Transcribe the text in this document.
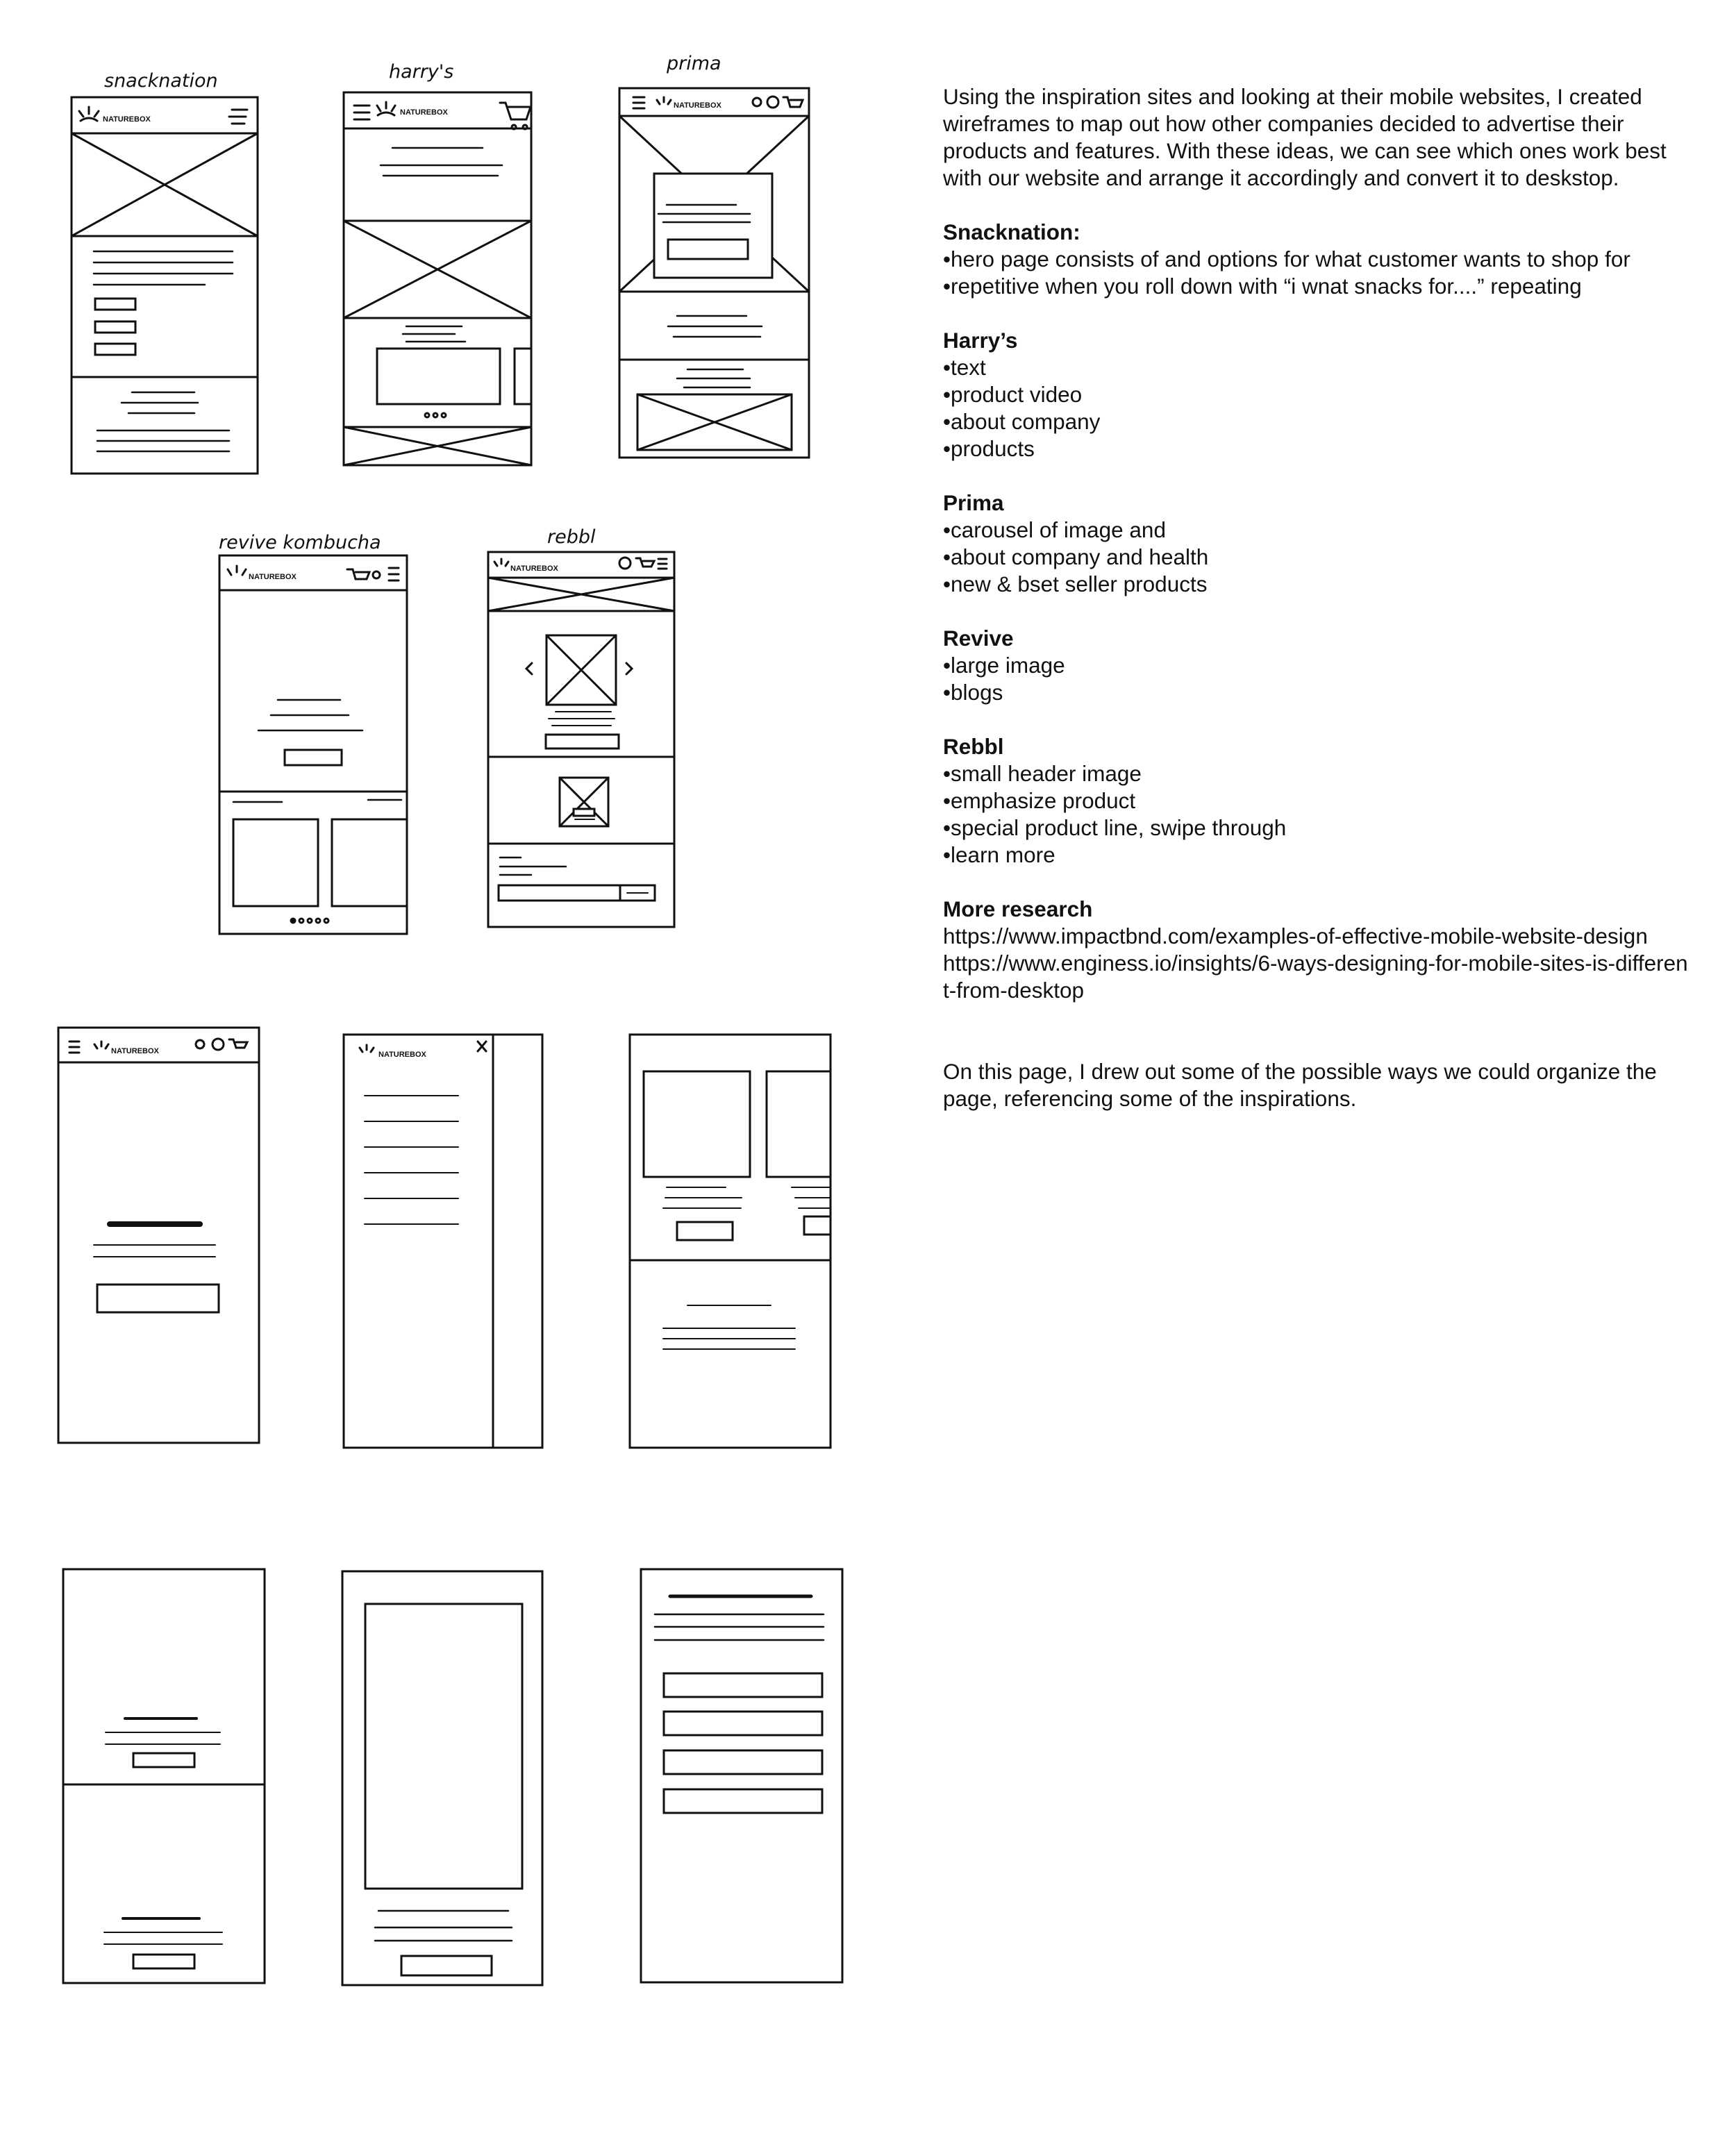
snacknation
NATUREBOX
harry's
NATUREBOX
prima
NATUREBOX
revive kombucha
NATUREBOX
rebbl
NATUREBOX
NATUREBOX	NATUREBOX

Using the inspiration sites and looking at their mobile websites, I created wireframes to map out how other companies decided to advertise their products and features. With these ideas, we can see which ones work best with our website and arrange it accordingly and convert it to deskstop.

Snacknation:
• hero page consists of and options for what customer wants to shop for
• repetitive when you roll down with “i wnat snacks for....” repeating
Harry’s
• text
• product video
• about company
• products
Prima
• carousel of image and
• about company and health
• new & bset seller products
Revive
• large image
• blogs
Rebbl
• small header image
• emphasize product
• special product line, swipe through
• learn more
More research
https://www.impactbnd.com/examples-of-effective-mobile-website-design
https://www.enginess.io/insights/6-ways-designing-for-mobile-sites-is-different-from-desktop

On this page, I drew out some of the possible ways we could organize the page, referencing some of the inspirations.
